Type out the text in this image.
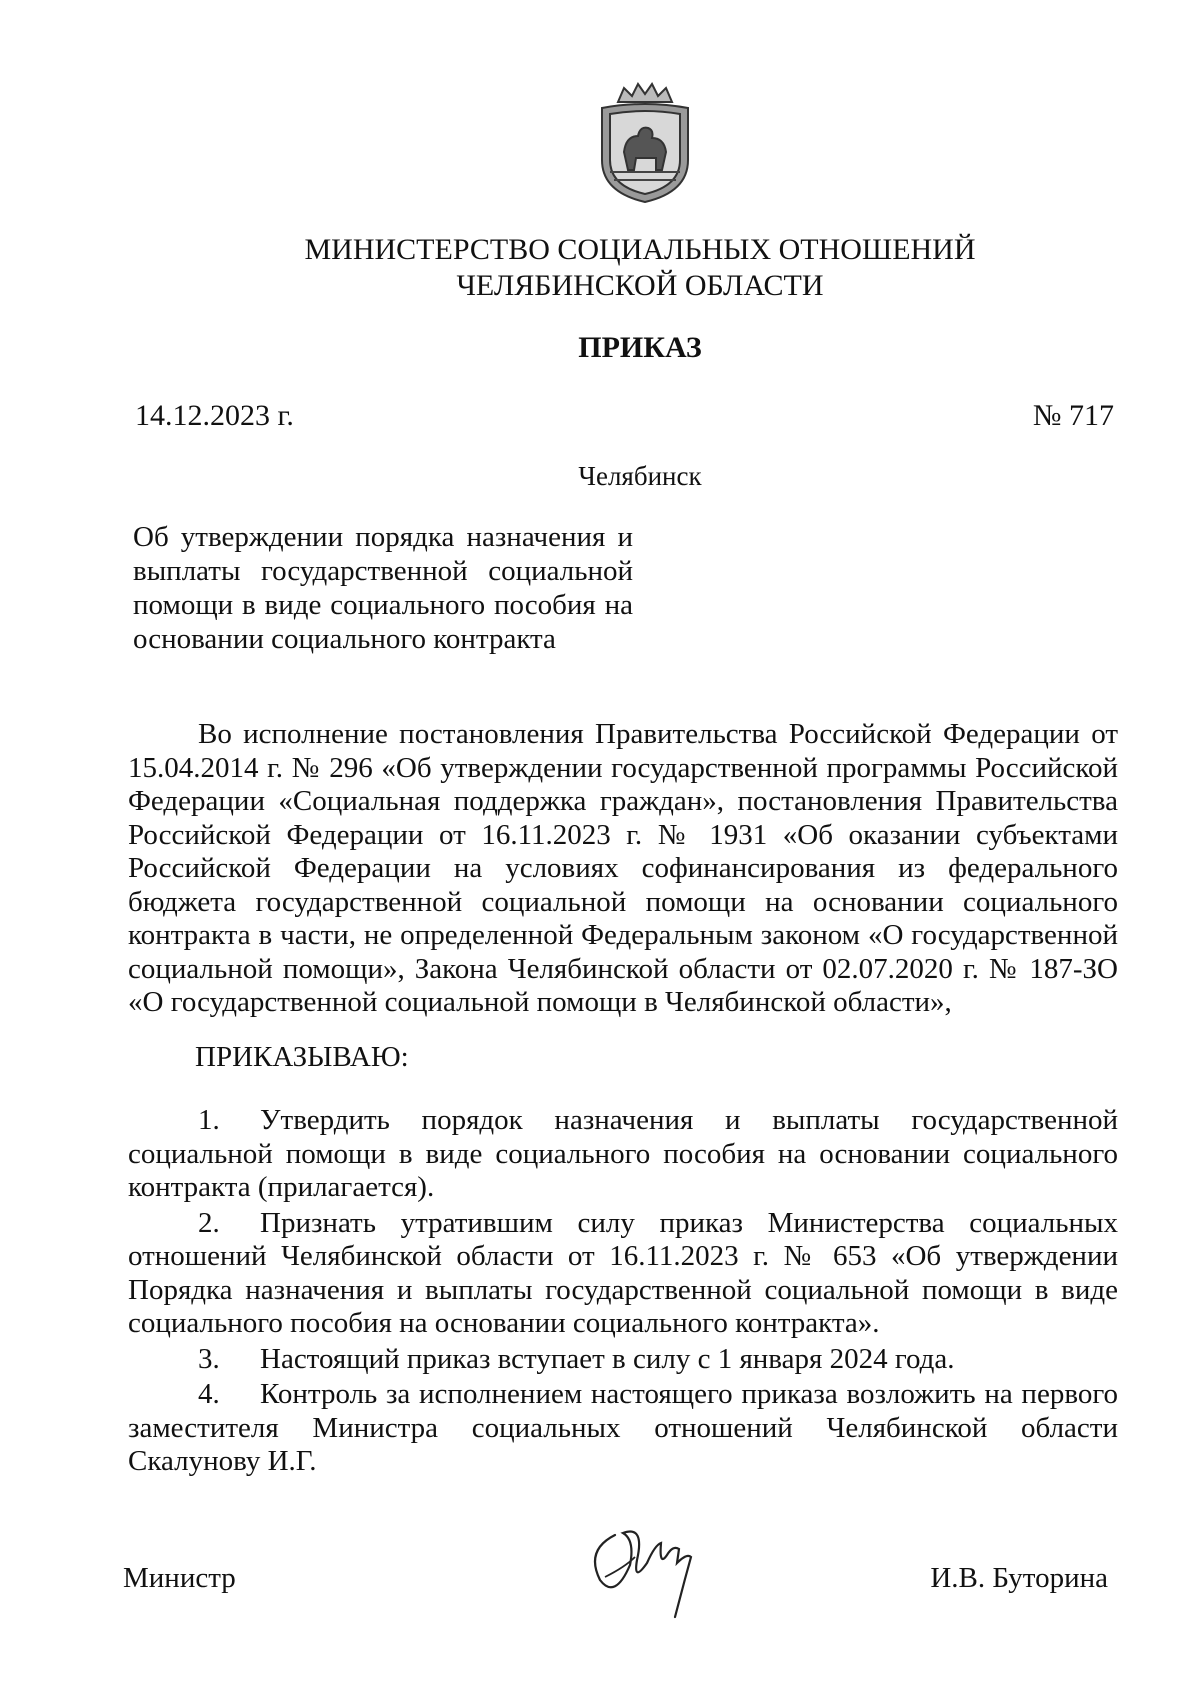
МИНИСТЕРСТВО СОЦИАЛЬНЫХ ОТНОШЕНИЙ
ЧЕЛЯБИНСКОЙ ОБЛАСТИ
ПРИКАЗ
14.12.2023 г.	№ 717
Челябинск
Об утверждении порядка назначения и выплаты государственной социальной помощи в виде социального пособия на основании социального контракта

Во исполнение постановления Правительства Российской Федерации от 15.04.2014 г. № 296 «Об утверждении государственной программы Российской Федерации «Социальная поддержка граждан», постановления Правительства Российской Федерации от 16.11.2023 г. № 1931 «Об оказании субъектами Российской Федерации на условиях софинансирования из федерального бюджета государственной социальной помощи на основании социального контракта в части, не определенной Федеральным законом «О государственной социальной помощи», Закона Челябинской области от 02.07.2020 г. № 187-ЗО «О государственной социальной помощи в Челябинской области»,

ПРИКАЗЫВАЮ:

1. Утвердить порядок назначения и выплаты государственной социальной помощи в виде социального пособия на основании социального контракта (прилагается).

2. Признать утратившим силу приказ Министерства социальных отношений Челябинской области от 16.11.2023 г. № 653 «Об утверждении Порядка назначения и выплаты государственной социальной помощи в виде социального пособия на основании социального контракта».

3. Настоящий приказ вступает в силу с 1 января 2024 года.

4. Контроль за исполнением настоящего приказа возложить на первого заместителя Министра социальных отношений Челябинской области Скалунову И.Г.

Министр	И.В. Буторина
